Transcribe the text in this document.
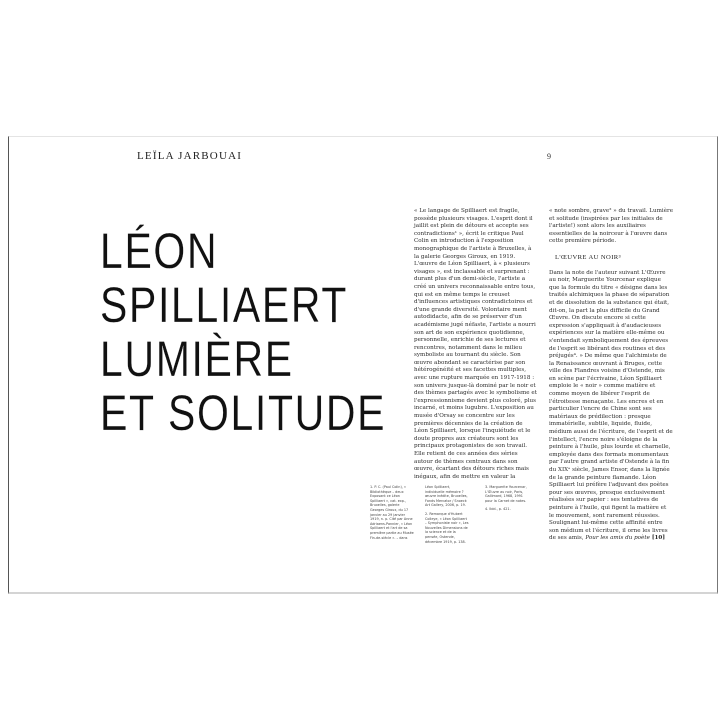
LEÏLA JARBOUAI	9
LÉON
SPILLIAERT
LUMIÈRE
ET SOLITUDE

« Le langage de Spilliaert est fragile, possède plusieurs visages. L'esprit dont il jaillit est plein de détours et accepte ses contradictions¹ », écrit le critique Paul Colin en introduction à l'exposition monographique de l'artiste à Bruxelles, à la galerie Georges Giroux, en 1919. L'œuvre de Léon Spilliaert, à « plusieurs visages », est inclassable et surprenant : durant plus d'un demi-siècle, l'artiste a créé un univers reconnaissable entre tous, qui est en même temps le creuset d'influences artistiques contradictoires et d'une grande diversité. Volontaire ment autodidacte, afin de se préserver d'un académisme jugé néfaste, l'artiste a nourri son art de son expérience quotidienne, personnelle, enrichie de ses lectures et rencontres, notamment dans le milieu symboliste au tournant du siècle. Son œuvre abondant se caractérise par son hétérogénéité et ses facettes multiples, avec une rupture marquée en 1917-1918 : son univers jusque-là dominé par le noir et des thèmes partagés avec le symbolisme et l'expressionnisme devient plus coloré, plus incarné, et moins lugubre. L'exposition au musée d'Orsay se concentre sur les premières décennies de la création de Léon Spilliaert, lorsque l'inquiétude et le doute propres aux créateurs sont les principaux protagonistes de son travail. Elle retient de ces années des séries autour de thèmes centraux dans son œuvre, écartant des détours riches mais inégaux, afin de mettre en valeur la

« note sombre, grave² » du travail. Lumière et solitude (inspirées par les initiales de l'artiste!) sont alors les auxiliaires essentielles de la noirceur à l'œuvre dans cette première période.

L'ŒUVRE AU NOIR³

Dans la note de l'auteur suivant L'Œuvre au noir, Marguerite Yourcenar explique que la formule du titre « désigne dans les traités alchimiques la phase de séparation et de dissolution de la substance qui était, dit-on, la part la plus difficile du Grand Œuvre. On discute encore si cette expression s'appliquait à d'audacieuses expériences sur la matière elle-même ou s'entendait symboliquement des épreuves de l'esprit se libérant des routines et des préjugés⁴. » De même que l'alchimiste de la Renaissance œuvrant à Bruges, cette ville des Flandres voisine d'Ostende, mis en scène par l'écrivaine, Léon Spilliaert emploie le « noir » comme matière et comme moyen de libérer l'esprit de l'étroitesse menaçante. Les encres et en particulier l'encre de Chine sont ses matériaux de prédilection : presque immatérielle, subtile, liquide, fluide, médium aussi de l'écriture, de l'esprit et de l'intellect, l'encre noire s'éloigne de la peinture à l'huile, plus lourde et charnelle, employée dans des formats monumentaux par l'autre grand artiste d'Ostende à la fin du XIXᵉ siècle, James Ensor, dans la lignée de la grande peinture flamande. Léon Spilliaert lui préfère l'adjuvant des poètes pour ses œuvres, presque exclusivement réalisées sur papier : ses tentatives de peinture à l'huile, qui figent la matière et le mouvement, sont rarement réussies. Soulignant lui-même cette affinité entre son médium et l'écriture, il orne les livres de ses amis, Pour les amis du poète [10]

1. P. C. (Paul Colin), « Bibliothèque – deux Exposant ce Léon Spilliaert », cat. exp., Bruxelles, galerie Georges Giroux, du 17 janvier au 29 janvier 1919, n. p. Cité par Anne Adriaens-Pannier, « Léon Spilliaert et l'art de sa première partie au Musée Fin-de-siècle ». – dans

Léon Spilliaert, individuelle mémoire ? œuvre inédite, Bruxelles, Fonds Mercator / Snoeck Art Gallery, 2006, p. 19.

2. Remarque d'Hubert Colleye, « Léon Spilliaert – Symphoniste noir », Les Nouvelles Dimensions de la science et de la pensée, Ostende, décembre 1919, p. 138.

3. Marguerite Yourcenar, L'Œuvre au noir, Paris, Gallimard, 1968, 1991 pour la Carnet de notes.

4. Ibid., p. 421.
